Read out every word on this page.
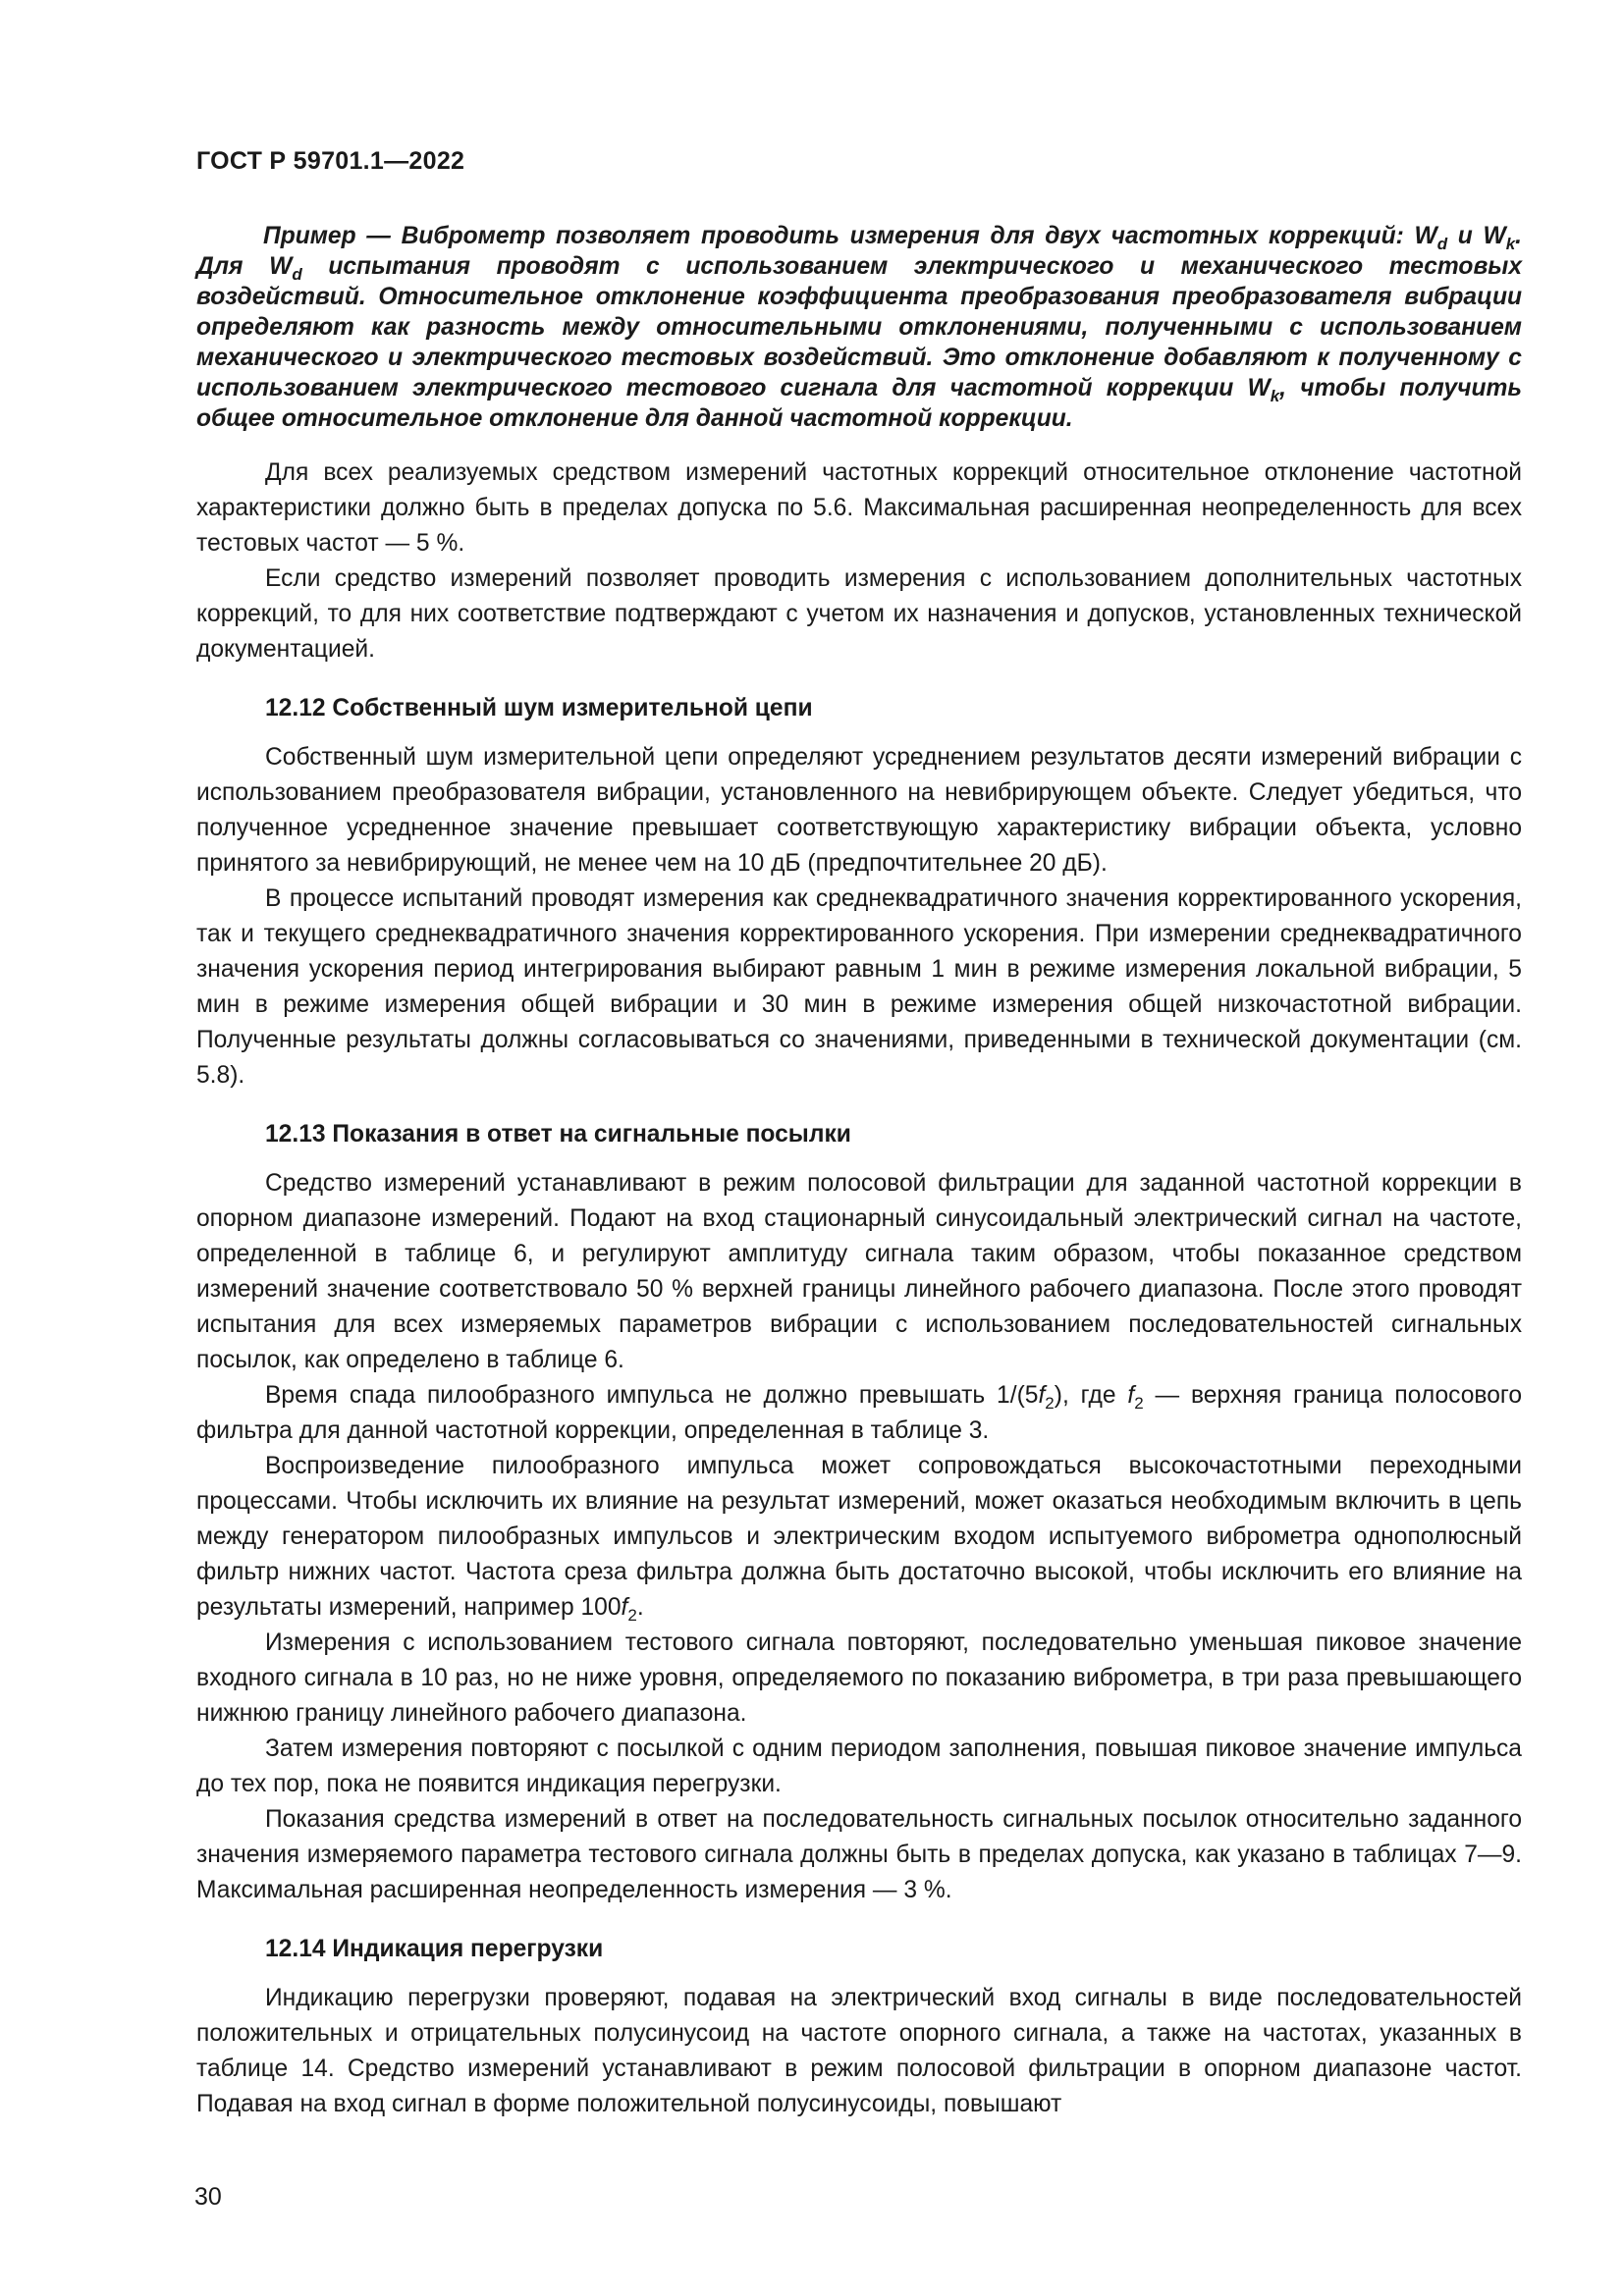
ГОСТ Р 59701.1—2022

Пример — Виброметр позволяет проводить измерения для двух частотных коррекций: $W_d$ и $W_k$. Для $W_d$ испытания проводят с использованием электрического и механического тестовых воздействий. Относительное отклонение коэффициента преобразования преобразователя вибрации определяют как разность между относительными отклонениями, полученными с использованием механического и электрического тестовых воздействий. Это отклонение добавляют к полученному с использованием электрического тестового сигнала для частотной коррекции $W_k$, чтобы получить общее относительное отклонение для данной частотной коррекции.

Для всех реализуемых средством измерений частотных коррекций относительное отклонение частотной характеристики должно быть в пределах допуска по 5.6. Максимальная расширенная неопределенность для всех тестовых частот — 5 %.

Если средство измерений позволяет проводить измерения с использованием дополнительных частотных коррекций, то для них соответствие подтверждают с учетом их назначения и допусков, установленных технической документацией.

12.12 Собственный шум измерительной цепи

Собственный шум измерительной цепи определяют усреднением результатов десяти измерений вибрации с использованием преобразователя вибрации, установленного на невибрирующем объекте. Следует убедиться, что полученное усредненное значение превышает соответствующую характеристику вибрации объекта, условно принятого за невибрирующий, не менее чем на 10 дБ (предпочтительнее 20 дБ).

В процессе испытаний проводят измерения как среднеквадратичного значения корректированного ускорения, так и текущего среднеквадратичного значения корректированного ускорения. При измерении среднеквадратичного значения ускорения период интегрирования выбирают равным 1 мин в режиме измерения локальной вибрации, 5 мин в режиме измерения общей вибрации и 30 мин в режиме измерения общей низкочастотной вибрации. Полученные результаты должны согласовываться со значениями, приведенными в технической документации (см. 5.8).

12.13 Показания в ответ на сигнальные посылки

Средство измерений устанавливают в режим полосовой фильтрации для заданной частотной коррекции в опорном диапазоне измерений. Подают на вход стационарный синусоидальный электрический сигнал на частоте, определенной в таблице 6, и регулируют амплитуду сигнала таким образом, чтобы показанное средством измерений значение соответствовало 50 % верхней границы линейного рабочего диапазона. После этого проводят испытания для всех измеряемых параметров вибрации с использованием последовательностей сигнальных посылок, как определено в таблице 6.

Время спада пилообразного импульса не должно превышать $1/(5f_2)$, где $f_2$ — верхняя граница полосового фильтра для данной частотной коррекции, определенная в таблице 3.

Воспроизведение пилообразного импульса может сопровождаться высокочастотными переходными процессами. Чтобы исключить их влияние на результат измерений, может оказаться необходимым включить в цепь между генератором пилообразных импульсов и электрическим входом испытуемого виброметра однополюсный фильтр нижних частот. Частота среза фильтра должна быть достаточно высокой, чтобы исключить его влияние на результаты измерений, например $100f_2$.

Измерения с использованием тестового сигнала повторяют, последовательно уменьшая пиковое значение входного сигнала в 10 раз, но не ниже уровня, определяемого по показанию виброметра, в три раза превышающего нижнюю границу линейного рабочего диапазона.

Затем измерения повторяют с посылкой с одним периодом заполнения, повышая пиковое значение импульса до тех пор, пока не появится индикация перегрузки.

Показания средства измерений в ответ на последовательность сигнальных посылок относительно заданного значения измеряемого параметра тестового сигнала должны быть в пределах допуска, как указано в таблицах 7—9. Максимальная расширенная неопределенность измерения — 3 %.

12.14 Индикация перегрузки

Индикацию перегрузки проверяют, подавая на электрический вход сигналы в виде последовательностей положительных и отрицательных полусинусоид на частоте опорного сигнала, а также на частотах, указанных в таблице 14. Средство измерений устанавливают в режим полосовой фильтрации в опорном диапазоне частот. Подавая на вход сигнал в форме положительной полусинусоиды, повышают

30
